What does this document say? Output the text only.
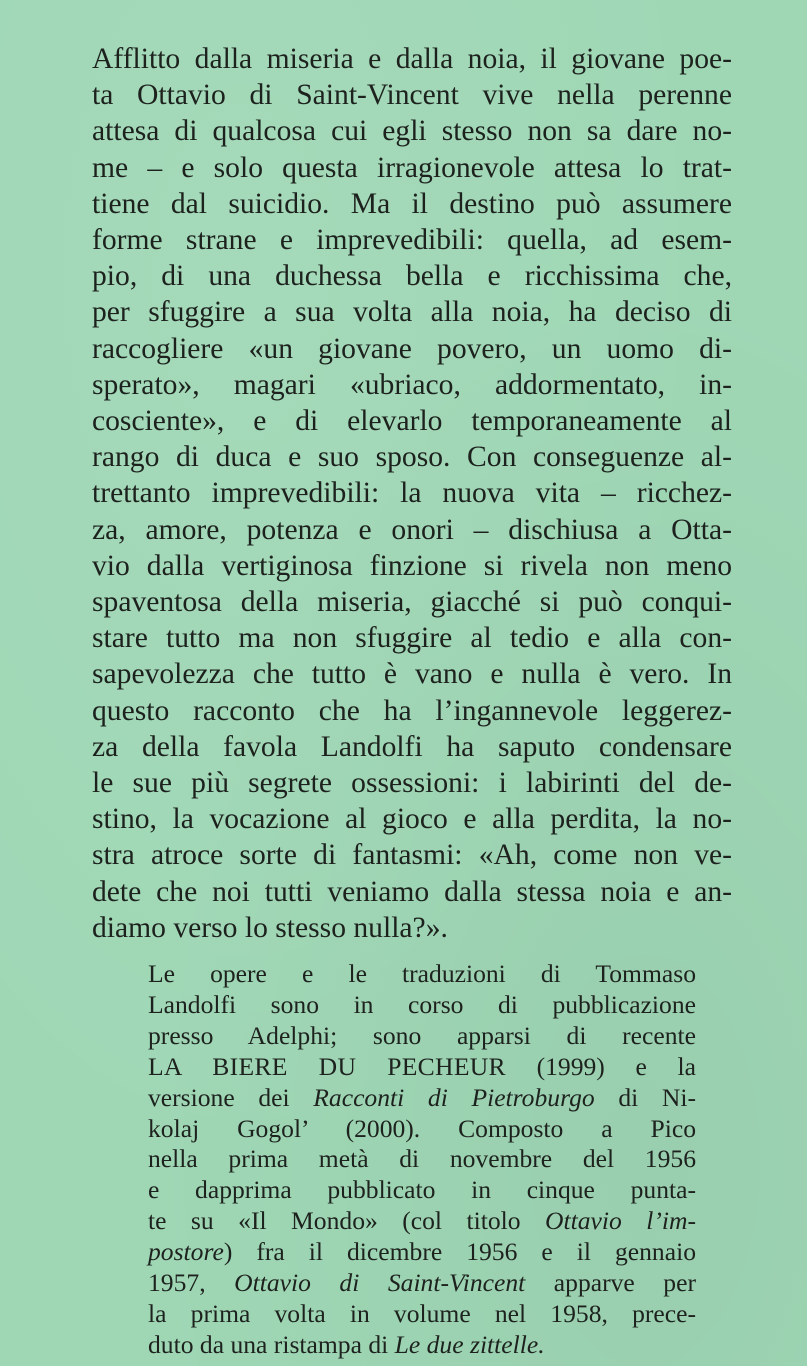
Afflitto dalla miseria e dalla noia, il giovane poe-
ta Ottavio di Saint-Vincent vive nella perenne
attesa di qualcosa cui egli stesso non sa dare no-
me – e solo questa irragionevole attesa lo trat-
tiene dal suicidio. Ma il destino può assumere
forme strane e imprevedibili: quella, ad esem-
pio, di una duchessa bella e ricchissima che,
per sfuggire a sua volta alla noia, ha deciso di
raccogliere «un giovane povero, un uomo di-
sperato», magari «ubriaco, addormentato, in-
cosciente», e di elevarlo temporaneamente al
rango di duca e suo sposo. Con conseguenze al-
trettanto imprevedibili: la nuova vita – ricchez-
za, amore, potenza e onori – dischiusa a Otta-
vio dalla vertiginosa finzione si rivela non meno
spaventosa della miseria, giacché si può conqui-
stare tutto ma non sfuggire al tedio e alla con-
sapevolezza che tutto è vano e nulla è vero. In
questo racconto che ha l’ingannevole leggerez-
za della favola Landolfi ha saputo condensare
le sue più segrete ossessioni: i labirinti del de-
stino, la vocazione al gioco e alla perdita, la no-
stra atroce sorte di fantasmi: «Ah, come non ve-
dete che noi tutti veniamo dalla stessa noia e an-
diamo verso lo stesso nulla?».
Le opere e le traduzioni di Tommaso
Landolfi sono in corso di pubblicazione
presso Adelphi; sono apparsi di recente
LA BIERE DU PECHEUR (1999) e la
versione dei Racconti di Pietroburgo di Ni-
kolaj Gogol’ (2000). Composto a Pico
nella prima metà di novembre del 1956
e dapprima pubblicato in cinque punta-
te su «Il Mondo» (col titolo Ottavio l’im-
postore) fra il dicembre 1956 e il gennaio
1957, Ottavio di Saint-Vincent apparve per
la prima volta in volume nel 1958, prece-
duto da una ristampa di Le due zittelle.
